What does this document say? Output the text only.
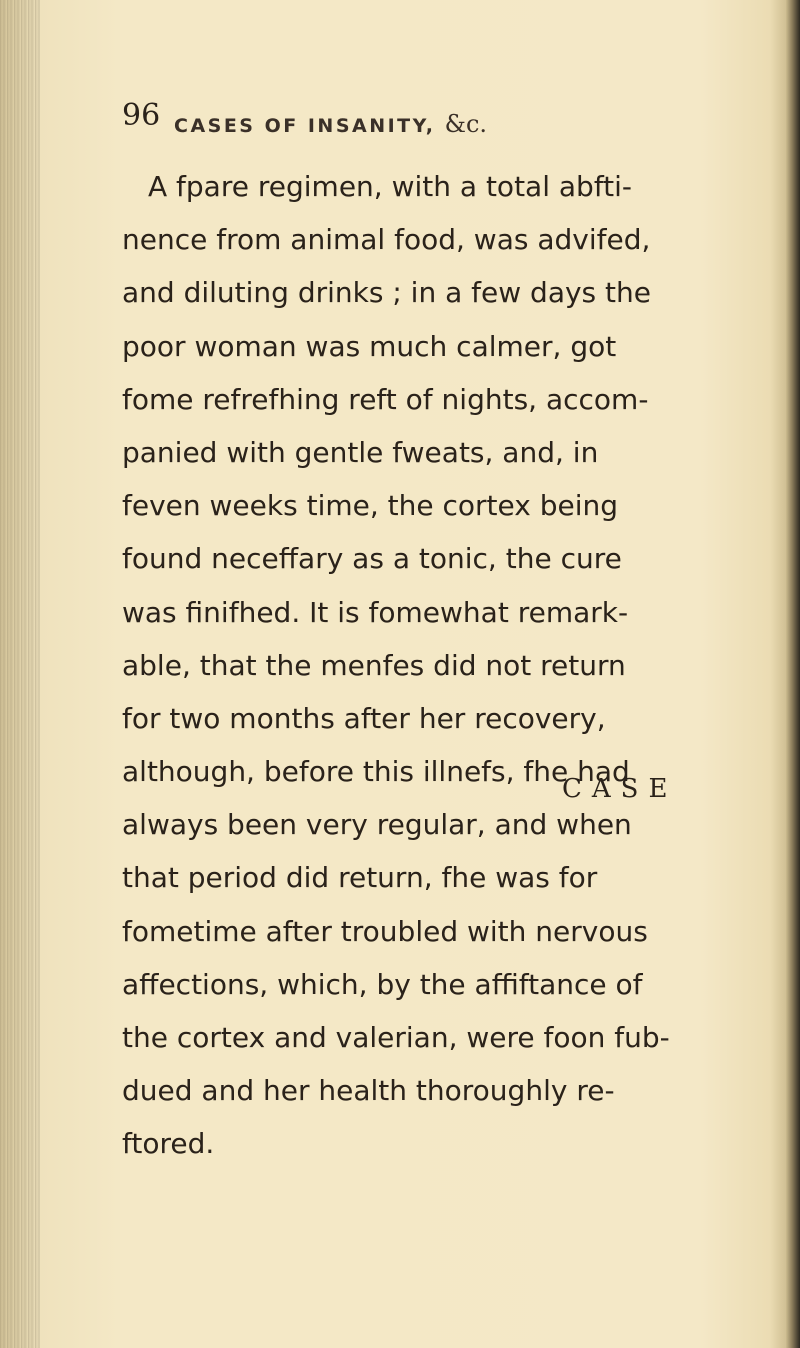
96 CASES OF INSANITY, &c.
A fpare regimen, with a total abfti-
nence from animal food, was advifed,
and diluting drinks ; in a few days the
poor woman was much calmer, got
fome refrefhing reft of nights, accom-
panied with gentle fweats, and, in
feven weeks time, the cortex being
found neceffary as a tonic, the cure
was finifhed. It is fomewhat remark-
able, that the menfes did not return
for two months after her recovery,
although, before this illnefs, fhe had
always been very regular, and when
that period did return, fhe was for
fometime after troubled with nervous
affections, which, by the affiftance of
the cortex and valerian, were foon fub-
dued and her health thoroughly re-
ftored.
CASE
